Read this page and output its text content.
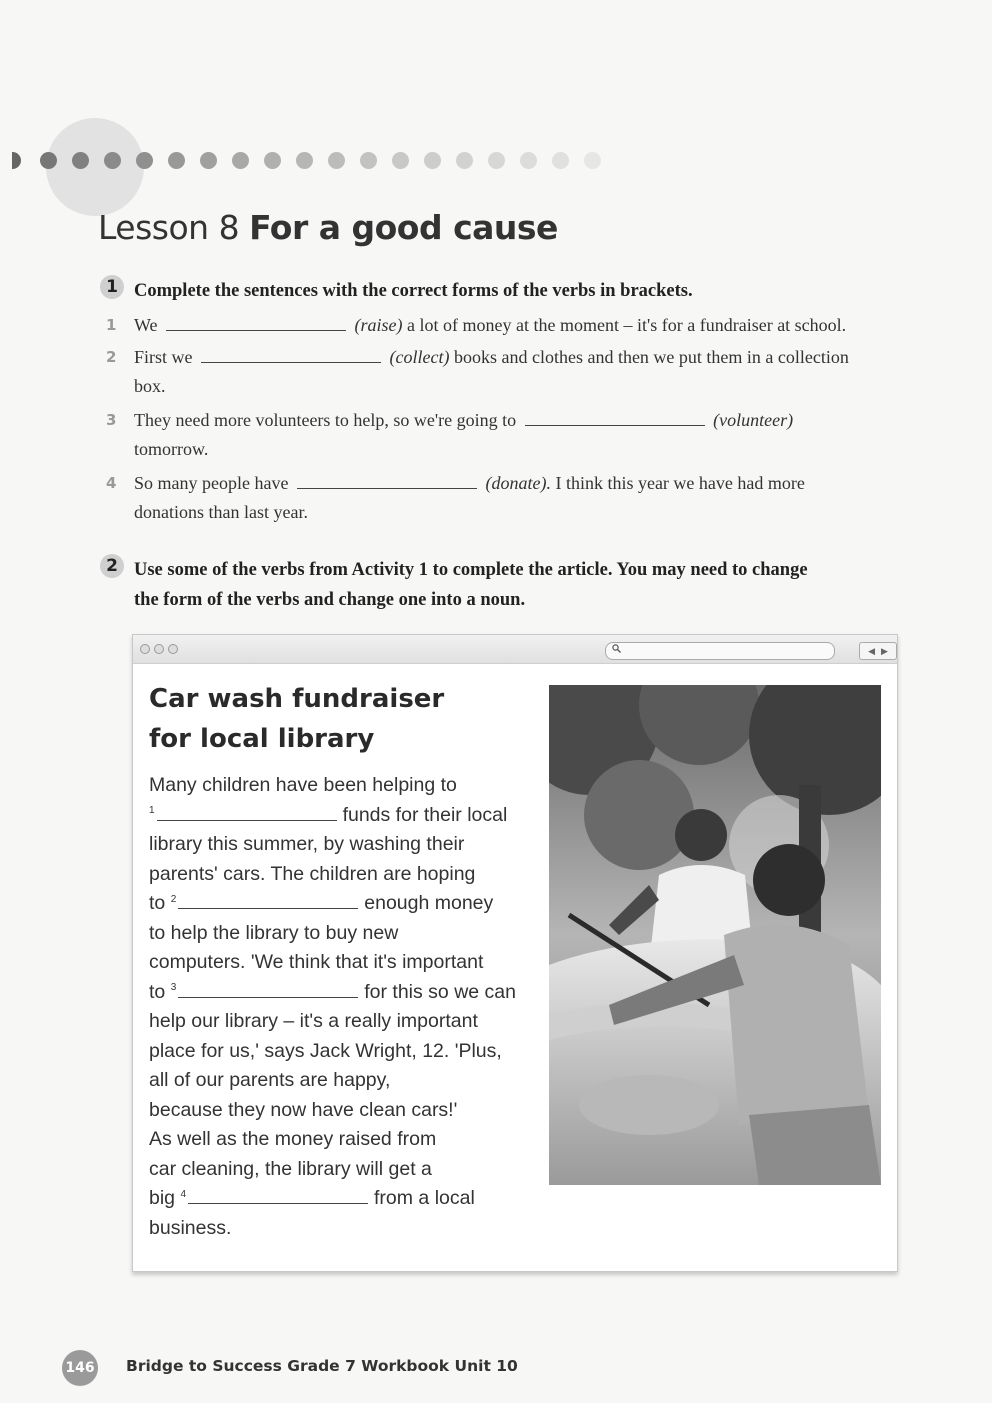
Lesson 8 For a good cause
1 Complete the sentences with the correct forms of the verbs in brackets.
1 We	(raise) a lot of money at the moment – it's for a fundraiser at school.
2 First we	(collect) books and clothes and then we put them in a collection
box.
3 They need more volunteers to help, so we're going to	(volunteer)
tomorrow.
4 So many people have	(donate). I think this year we have had more
donations than last year.
2 Use some of the verbs from Activity 1 to complete the article. You may need to change
the form of the verbs and change one into a noun.
◀ ▶
Car wash fundraiser
for local library
Many children have been helping to
$^1$	funds for their local
library this summer, by washing their
parents' cars. The children are hoping
to $^2$	enough money
to help the library to buy new
computers. 'We think that it's important
to $^3$	for this so we can
help our library – it's a really important
place for us,' says Jack Wright, 12. 'Plus,
all of our parents are happy,
because they now have clean cars!'
As well as the money raised from
car cleaning, the library will get a
big $^4$	from a local
business.
146 Bridge to Success Grade 7 Workbook Unit 10
